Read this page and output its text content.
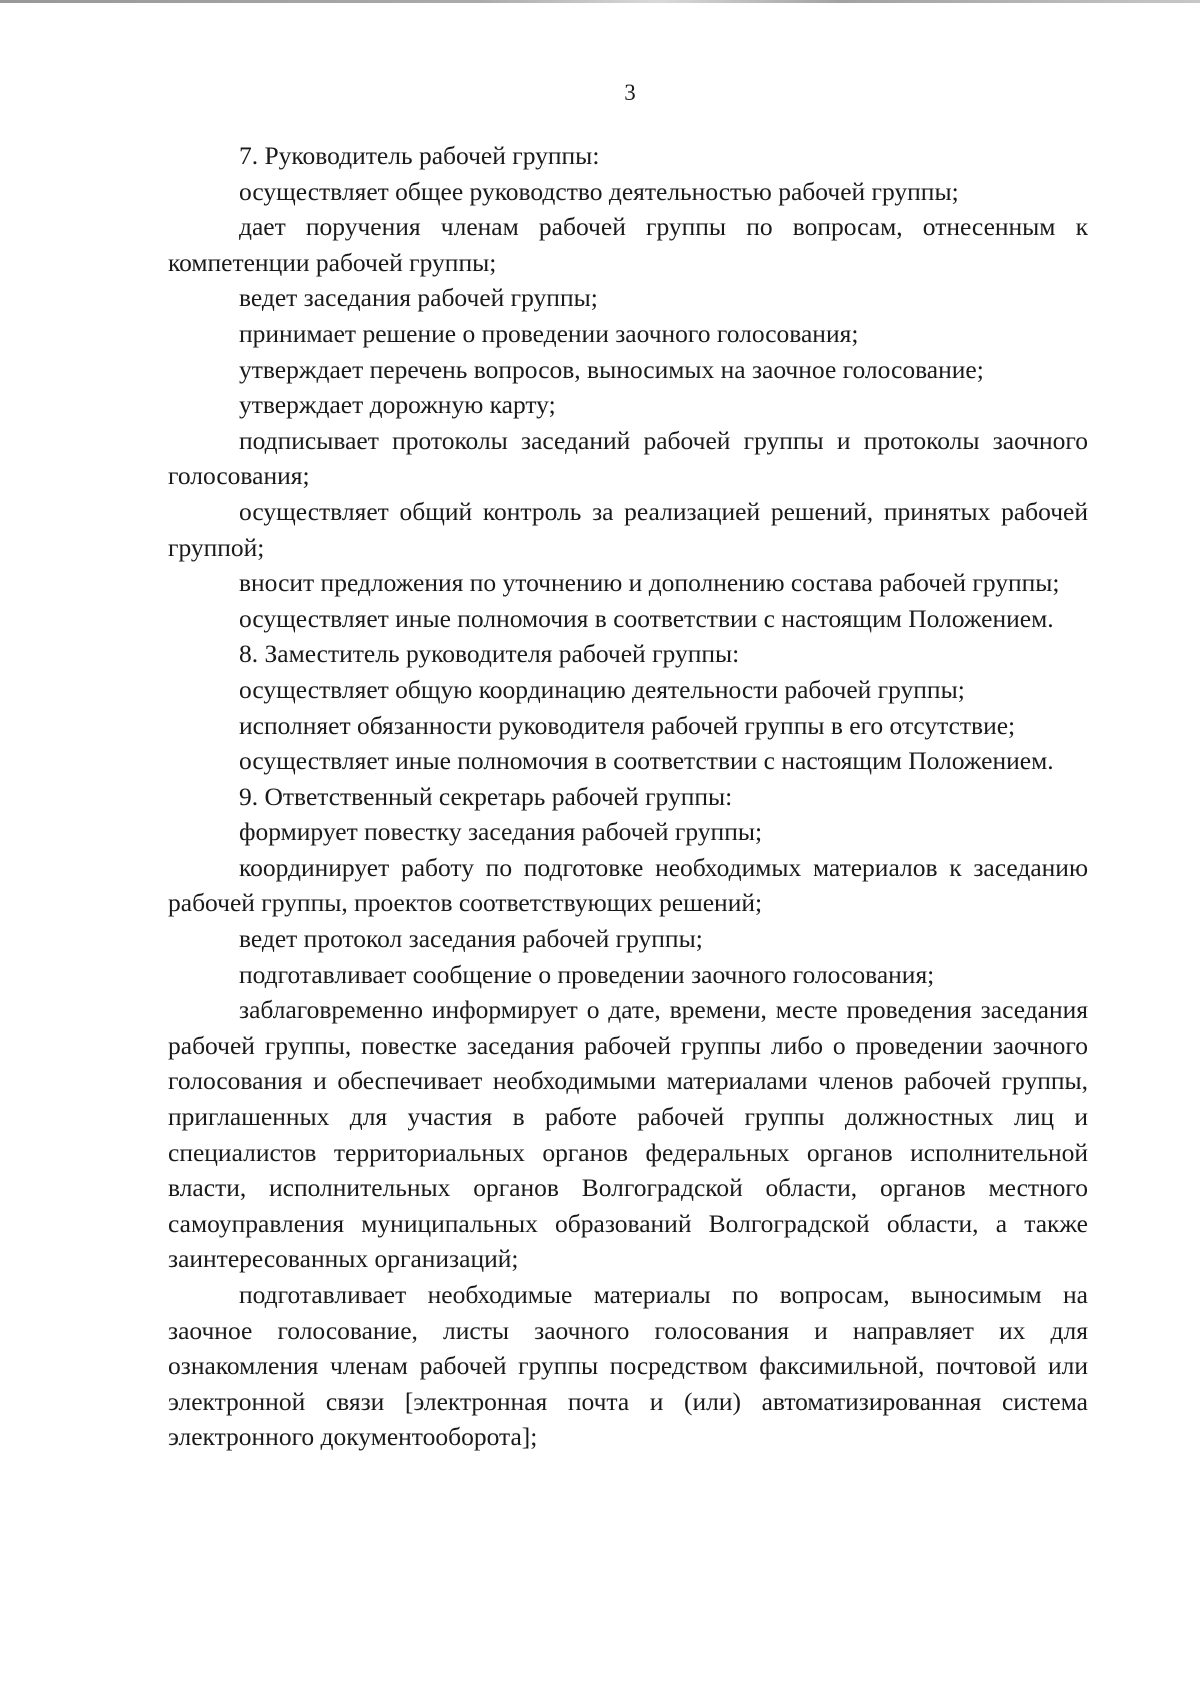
3

7. Руководитель рабочей группы:

осуществляет общее руководство деятельностью рабочей группы;

дает поручения членам рабочей группы по вопросам, отнесенным к компетенции рабочей группы;

ведет заседания рабочей группы;

принимает решение о проведении заочного голосования;

утверждает перечень вопросов, выносимых на заочное голосование;

утверждает дорожную карту;

подписывает протоколы заседаний рабочей группы и протоколы заочного голосования;

осуществляет общий контроль за реализацией решений, принятых рабочей группой;

вносит предложения по уточнению и дополнению состава рабочей группы;

осуществляет иные полномочия в соответствии с настоящим Положением.

8. Заместитель руководителя рабочей группы:

осуществляет общую координацию деятельности рабочей группы;

исполняет обязанности руководителя рабочей группы в его отсутствие;

осуществляет иные полномочия в соответствии с настоящим Положением.

9. Ответственный секретарь рабочей группы:

формирует повестку заседания рабочей группы;

координирует работу по подготовке необходимых материалов к заседанию рабочей группы, проектов соответствующих решений;

ведет протокол заседания рабочей группы;

подготавливает сообщение о проведении заочного голосования;

заблаговременно информирует о дате, времени, месте проведения заседания рабочей группы, повестке заседания рабочей группы либо о проведении заочного голосования и обеспечивает необходимыми материалами членов рабочей группы, приглашенных для участия в работе рабочей группы должностных лиц и специалистов территориальных органов федеральных органов исполнительной власти, исполнительных органов Волгоградской области, органов местного самоуправления муниципальных образований Волгоградской области, а также заинтересованных организаций;

подготавливает необходимые материалы по вопросам, выносимым на заочное голосование, листы заочного голосования и направляет их для ознакомления членам рабочей группы посредством факсимильной, почтовой или электронной связи [электронная почта и (или) автоматизированная система электронного документооборота];
